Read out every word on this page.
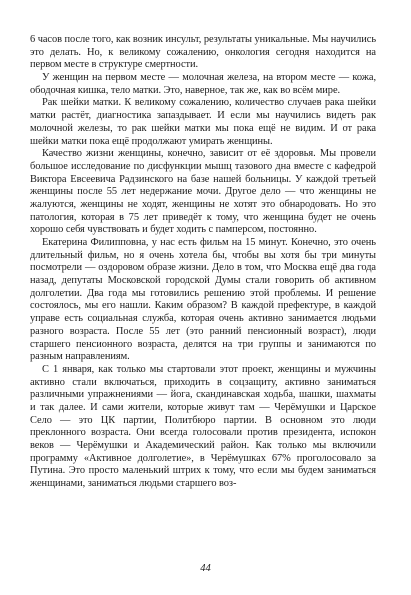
6 часов после того, как возник инсульт, результаты уникальные. Мы научились это делать. Но, к великому сожалению, онкология сегодня находится на первом месте в структуре смертности.

У женщин на первом месте — молочная железа, на втором месте — кожа, ободочная кишка, тело матки. Это, наверное, так же, как во всём мире.

Рак шейки матки. К великому сожалению, количество случаев рака шейки матки растёт, диагностика запаздывает. И если мы научились видеть рак молочной железы, то рак шейки матки мы пока ещё не видим. И от рака шейки матки пока ещё продолжают умирать женщины.

Качество жизни женщины, конечно, зависит от её здоровья. Мы провели большое исследование по дисфункции мышц тазового дна вместе с кафедрой Виктора Евсеевича Радзинского на базе нашей больницы. У каждой третьей женщины после 55 лет недержание мочи. Другое дело — что женщины не жалуются, женщины не ходят, женщины не хотят это обнародовать. Но это патология, которая в 75 лет приведёт к тому, что женщина будет не очень хорошо себя чувствовать и будет ходить с памперсом, постоянно.

Екатерина Филипповна, у нас есть фильм на 15 минут. Конечно, это очень длительный фильм, но я очень хотела бы, чтобы вы хотя бы три минуты посмотрели — оздоровом образе жизни. Дело в том, что Москва ещё два года назад, депутаты Московской городской Думы стали говорить об активном долголетии. Два года мы готовились решению этой проблемы. И решение состоялось, мы его нашли. Каким образом? В каждой префектуре, в каждой управе есть социальная служба, которая очень активно занимается людьми разного возраста. После 55 лет (это ранний пенсионный возраст), люди старшего пенсионного возраста, делятся на три группы и занимаются по разным направлениям.

С 1 января, как только мы стартовали этот проект, женщины и мужчины активно стали включаться, приходить в соцзащиту, активно заниматься различными упражнениями — йога, скандинавская ходьба, шашки, шахматы и так далее. И сами жители, которые живут там — Черёмушки и Царское Село — это ЦК партии, Политбюро партии. В основном это люди преклонного возраста. Они всегда голосовали против президента, испокон веков — Черёмушки и Академический район. Как только мы включили программу «Активное долголетие», в Черёмушках 67% проголосовало за Путина. Это просто маленький штрих к тому, что если мы будем заниматься женщинами, заниматься людьми старшего воз-

44
